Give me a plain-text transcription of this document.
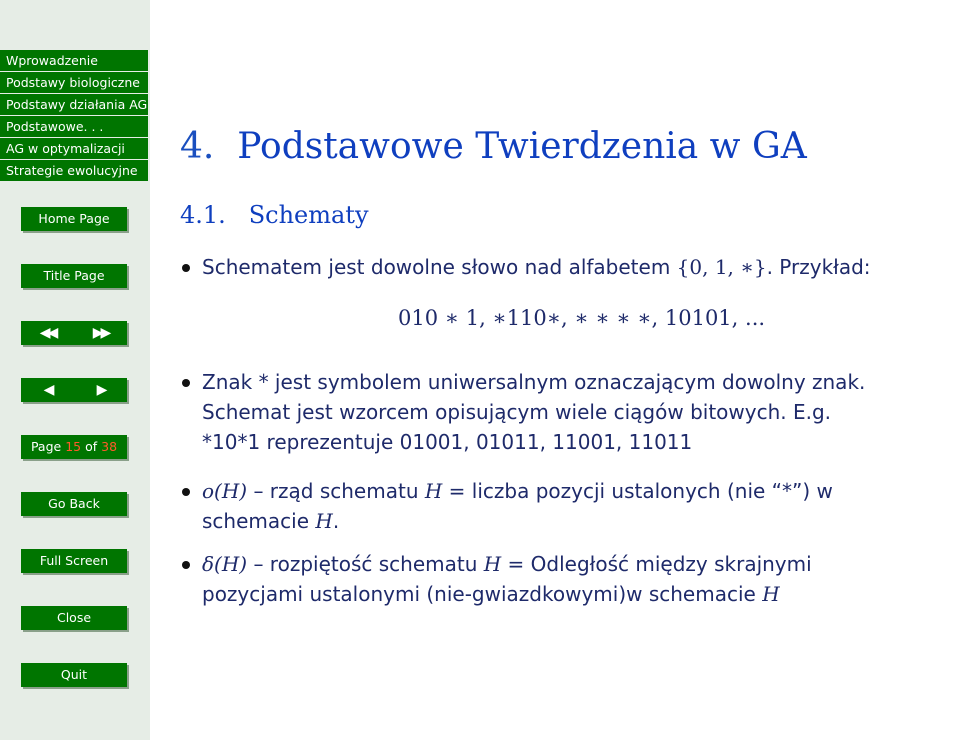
Wprowadzenie
Podstawy biologiczne
Podstawy działania AG
Podstawowe. . .
AG w optymalizacji
Strategie ewolucyjne
Home Page
Title Page
◀◀	▶▶
◀	▶
Page 15 of 38
Go Back
Full Screen
Close
Quit
4. Podstawowe Twierdzenia w GA
4.1. Schematy
Schematem jest dowolne słowo nad alfabetem {0, 1, ∗}. Przykład:
010 ∗ 1, ∗110∗, ∗ ∗ ∗ ∗, 10101, ...
Znak * jest symbolem uniwersalnym oznaczającym dowolny znak.
Schemat jest wzorcem opisującym wiele ciągów bitowych. E.g.
*10*1 reprezentuje 01001, 01011, 11001, 11011
o(H) – rząd schematu H = liczba pozycji ustalonych (nie “*”) w
schemacie H.
δ(H) – rozpiętość schematu H = Odległość między skrajnymi
pozycjami ustalonymi (nie-gwiazdkowymi)w schemacie H
